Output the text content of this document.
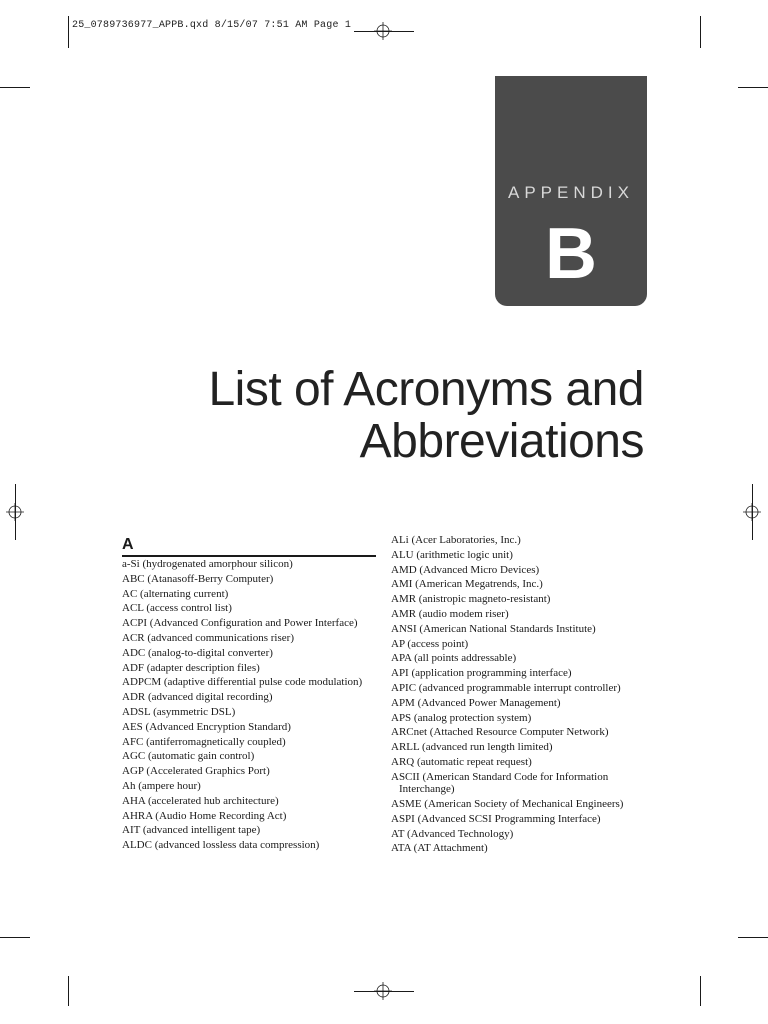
25_0789736977_APPB.qxd 8/15/07 7:51 AM Page 1
APPENDIX
B
List of Acronyms and
Abbreviations
A
a-Si (hydrogenated amorphour silicon)
ABC (Atanasoff-Berry Computer)
AC (alternating current)
ACL (access control list)
ACPI (Advanced Configuration and Power Interface)
ACR (advanced communications riser)
ADC (analog-to-digital converter)
ADF (adapter description files)
ADPCM (adaptive differential pulse code modulation)
ADR (advanced digital recording)
ADSL (asymmetric DSL)
AES (Advanced Encryption Standard)
AFC (antiferromagnetically coupled)
AGC (automatic gain control)
AGP (Accelerated Graphics Port)
Ah (ampere hour)
AHA (accelerated hub architecture)
AHRA (Audio Home Recording Act)
AIT (advanced intelligent tape)
ALDC (advanced lossless data compression)
ALi (Acer Laboratories, Inc.)
ALU (arithmetic logic unit)
AMD (Advanced Micro Devices)
AMI (American Megatrends, Inc.)
AMR (anistropic magneto-resistant)
AMR (audio modem riser)
ANSI (American National Standards Institute)
AP (access point)
APA (all points addressable)
API (application programming interface)
APIC (advanced programmable interrupt controller)
APM (Advanced Power Management)
APS (analog protection system)
ARCnet (Attached Resource Computer Network)
ARLL (advanced run length limited)
ARQ (automatic repeat request)
ASCII (American Standard Code for Information Interchange)
ASME (American Society of Mechanical Engineers)
ASPI (Advanced SCSI Programming Interface)
AT (Advanced Technology)
ATA (AT Attachment)
